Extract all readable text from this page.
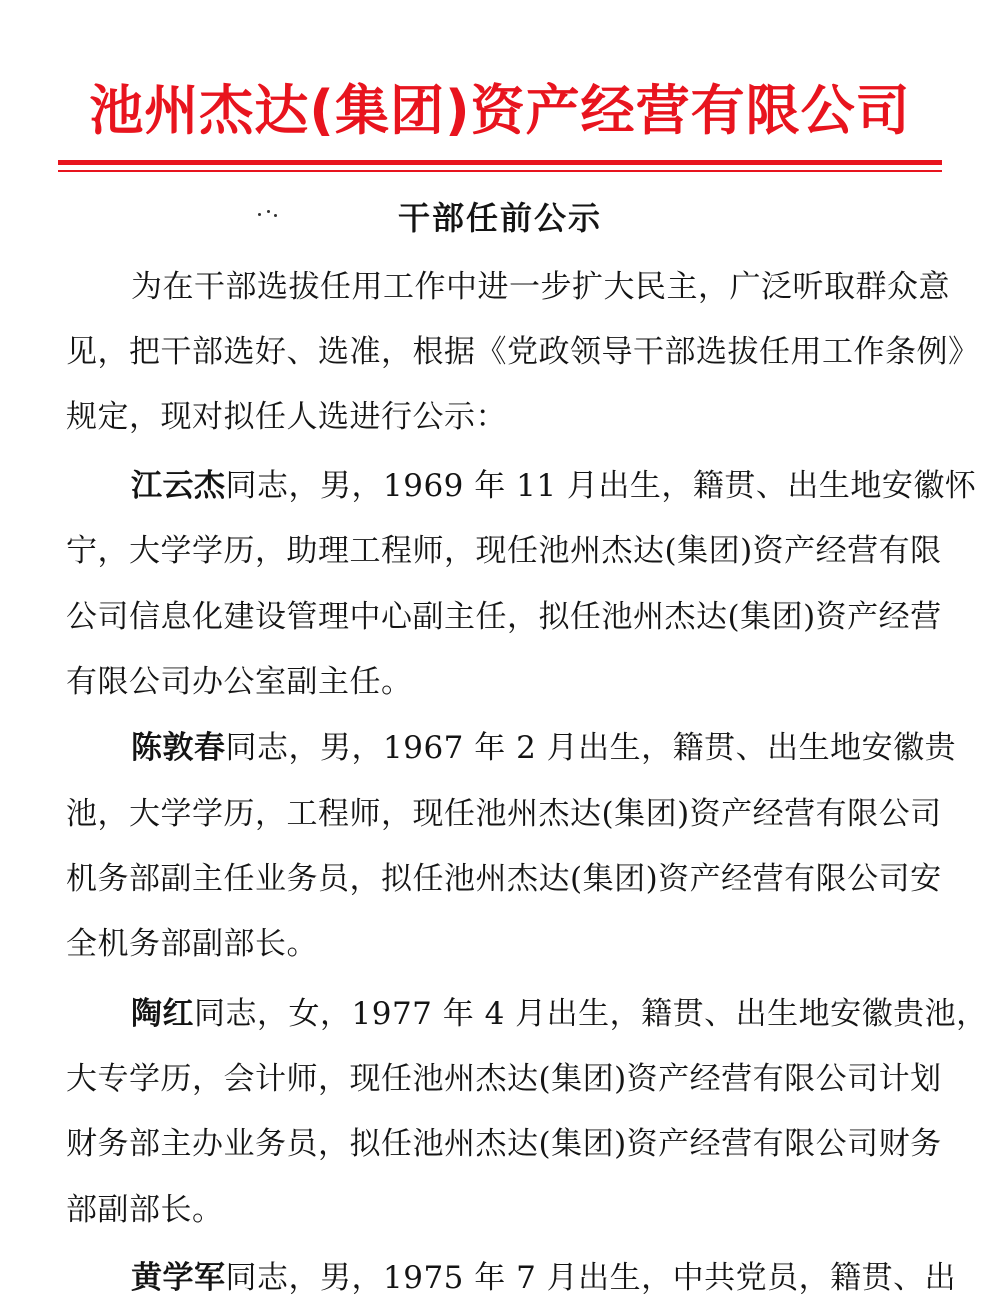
池州杰达(集团)资产经营有限公司
干部任前公示
为在干部选拔任用工作中进一步扩大民主，广泛听取群众意
见，把干部选好、选准，根据《党政领导干部选拔任用工作条例》
规定，现对拟任人选进行公示：
江云杰同志，男，1969 年 11 月出生，籍贯、出生地安徽怀
宁，大学学历，助理工程师，现任池州杰达(集团)资产经营有限
公司信息化建设管理中心副主任，拟任池州杰达(集团)资产经营
有限公司办公室副主任。
陈敦春同志，男，1967 年 2 月出生，籍贯、出生地安徽贵
池，大学学历，工程师，现任池州杰达(集团)资产经营有限公司
机务部副主任业务员，拟任池州杰达(集团)资产经营有限公司安
全机务部副部长。
陶红同志，女，1977 年 4 月出生，籍贯、出生地安徽贵池，
大专学历，会计师，现任池州杰达(集团)资产经营有限公司计划
财务部主办业务员，拟任池州杰达(集团)资产经营有限公司财务
部副部长。
黄学军同志，男，1975 年 7 月出生，中共党员，籍贯、出
